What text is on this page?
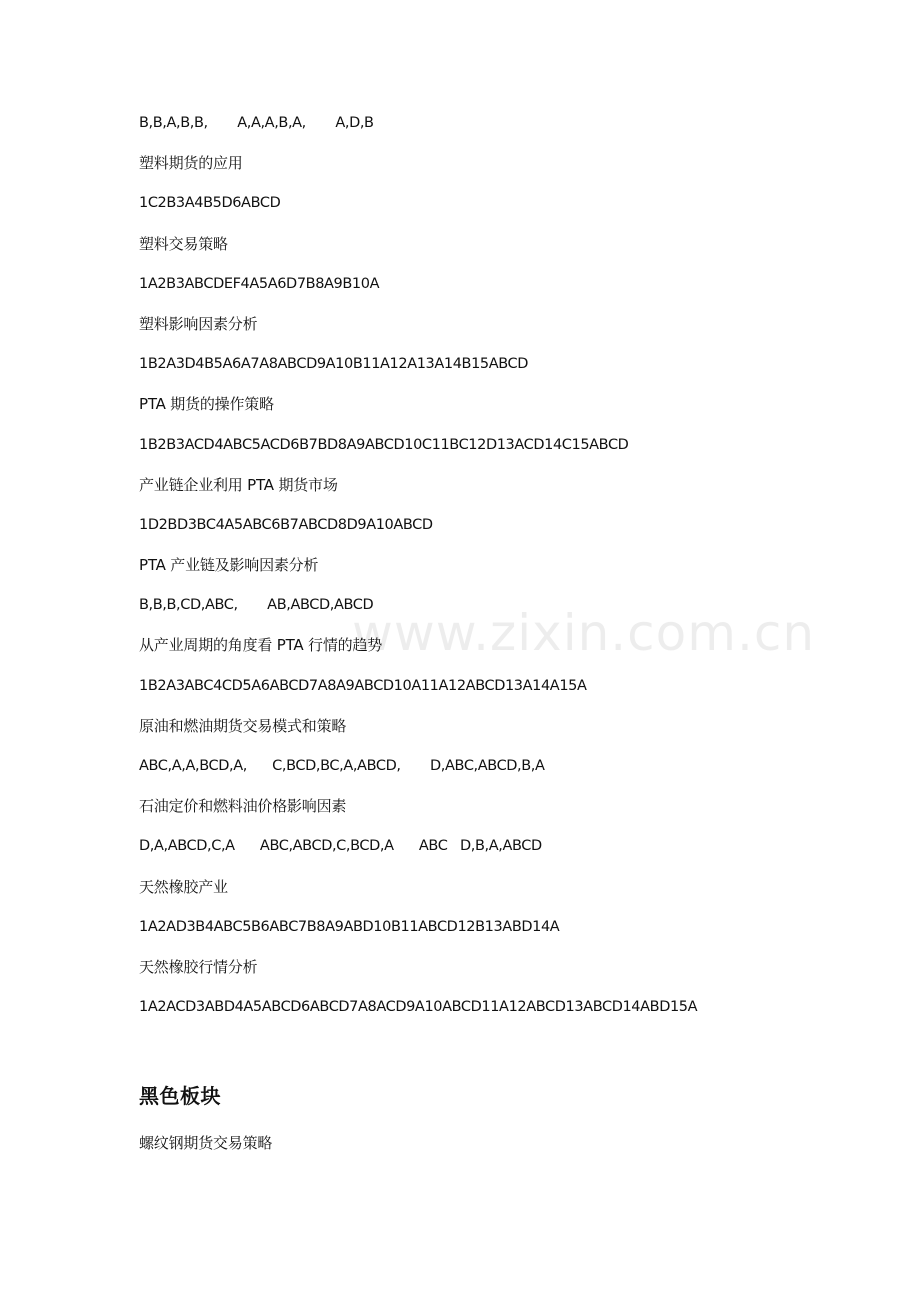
www.zixin.com.cn
B,B,A,B,B,       A,A,A,B,A,       A,D,B
塑料期货的应用
1C2B3A4B5D6ABCD
塑料交易策略
1A2B3ABCDEF4A5A6D7B8A9B10A
塑料影响因素分析
1B2A3D4B5A6A7A8ABCD9A10B11A12A13A14B15ABCD
PTA 期货的操作策略
1B2B3ACD4ABC5ACD6B7BD8A9ABCD10C11BC12D13ACD14C15ABCD
产业链企业利用 PTA 期货市场
1D2BD3BC4A5ABC6B7ABCD8D9A10ABCD
PTA 产业链及影响因素分析
B,B,B,CD,ABC,       AB,ABCD,ABCD
从产业周期的角度看 PTA 行情的趋势
1B2A3ABC4CD5A6ABCD7A8A9ABCD10A11A12ABCD13A14A15A
原油和燃油期货交易模式和策略
ABC,A,A,BCD,A,      C,BCD,BC,A,ABCD,       D,ABC,ABCD,B,A
石油定价和燃料油价格影响因素
D,A,ABCD,C,A      ABC,ABCD,C,BCD,A      ABC   D,B,A,ABCD
天然橡胶产业
1A2AD3B4ABC5B6ABC7B8A9ABD10B11ABCD12B13ABD14A
天然橡胶行情分析
1A2ACD3ABD4A5ABCD6ABCD7A8ACD9A10ABCD11A12ABCD13ABCD14ABD15A
黑色板块
螺纹钢期货交易策略
